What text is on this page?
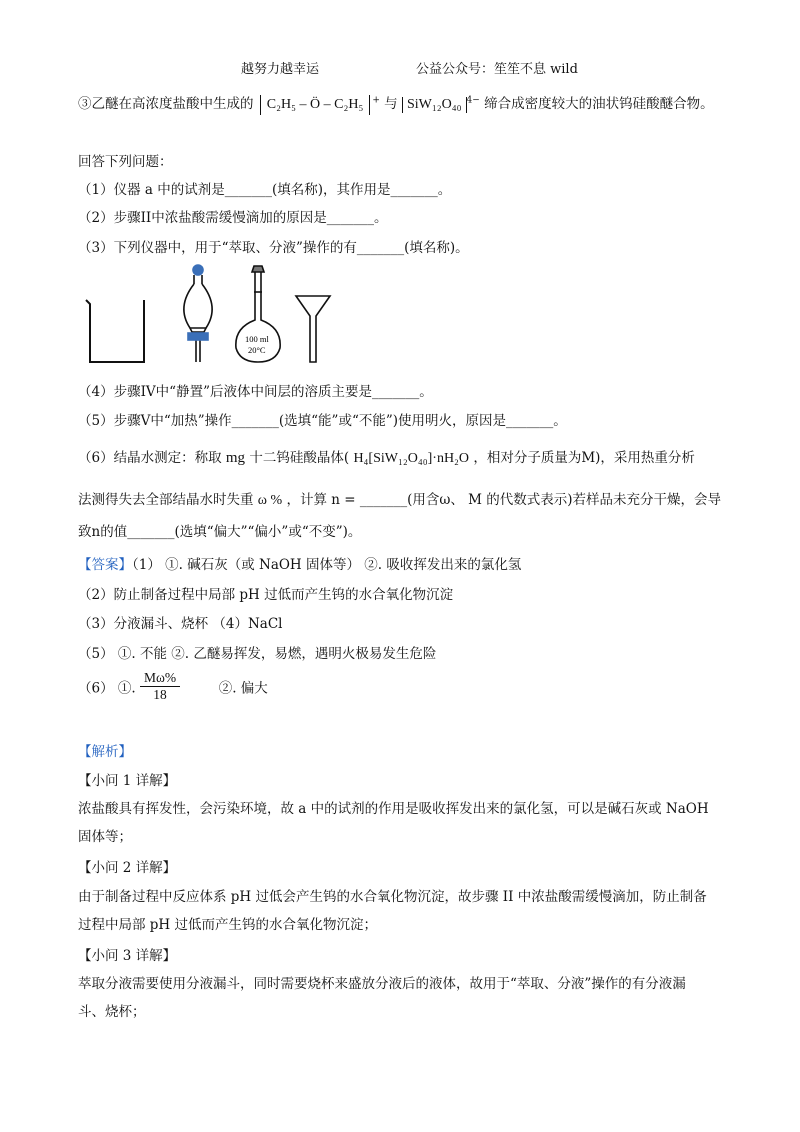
越努力越幸运	公益公众号：笙笙不息 wild
③乙醚在高浓度盐酸中生成的 C₂H₅ – Ö – C₂H₅ + 与 SiW₁₂O₄₀ $^{4-}$ 缔合成密度较大的油状钨硅酸醚合物。
回答下列问题：
（1）仪器 a 中的试剂是_______(填名称)，其作用是_______。
（2）步骤II中浓盐酸需缓慢滴加的原因是_______。
（3）下列仪器中，用于“萃取、分液”操作的有_______(填名称)。
100 ml
20°C
（4）步骤IV中“静置”后液体中间层的溶质主要是_______。
（5）步骤V中“加热”操作_______(选填“能”或“不能”)使用明火，原因是_______。
（6）结晶水测定：称取 mg 十二钨硅酸晶体( H₄[SiW₁₂O₄₀]·nH₂O ，相对分子质量为M)，采用热重分析
法测得失去全部结晶水时失重 ω % ，计算 n = _______(用含ω、 M 的代数式表示)若样品未充分干燥，会导
致n的值_______(选填“偏大”“偏小”或“不变”)。
【答案】（1） ①. 碱石灰（或 NaOH 固体等） ②. 吸收挥发出来的氯化氢
（2）防止制备过程中局部 pH 过低而产生钨的水合氧化物沉淀
（3）分液漏斗、烧杯 （4）NaCl
（5） ①. 不能 ②. 乙醚易挥发，易燃，遇明火极易发生危险
（6） ①. $\frac{M\omega\%}{18}$	②. 偏大
【解析】
【小问 1 详解】
浓盐酸具有挥发性，会污染环境，故 a 中的试剂的作用是吸收挥发出来的氯化氢，可以是碱石灰或 NaOH
固体等；
【小问 2 详解】
由于制备过程中反应体系 pH 过低会产生钨的水合氧化物沉淀，故步骤 II 中浓盐酸需缓慢滴加，防止制备
过程中局部 pH 过低而产生钨的水合氧化物沉淀；
【小问 3 详解】
萃取分液需要使用分液漏斗，同时需要烧杯来盛放分液后的液体，故用于“萃取、分液”操作的有分液漏
斗、烧杯；
